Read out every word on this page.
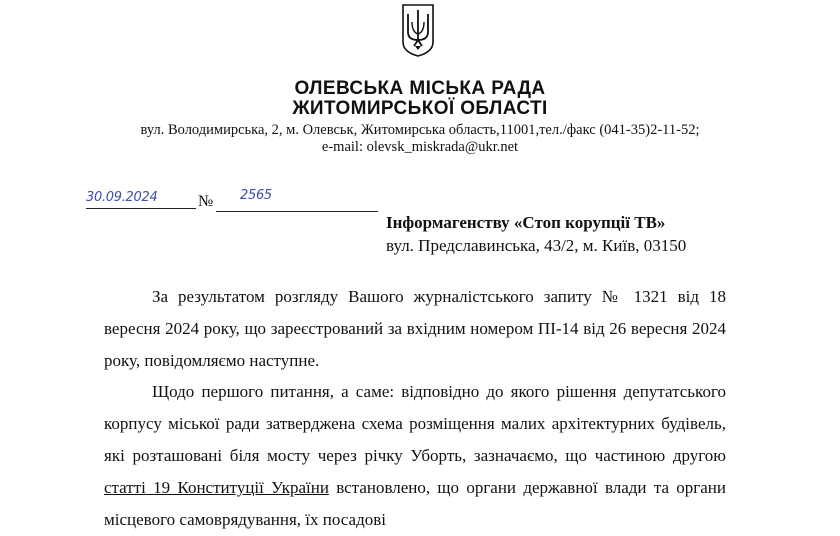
ОЛЕВСЬКА МІСЬКА РАДА
ЖИТОМИРСЬКОЇ ОБЛАСТІ
вул. Володимирська, 2, м. Олевськ, Житомирська область,11001,тел./факс (041-35)2-11-52;
e-mail: olevsk_miskrada@ukr.net
30.09.2024	№ 2565
Інформагенству «Стоп корупції ТВ»
вул. Предславинська, 43/2, м. Київ, 03150
За результатом розгляду Вашого журналістського запиту № 1321 від 18 вересня 2024 року, що зареєстрований за вхідним номером ПІ-14 від 26 вересня 2024 року, повідомляємо наступне.
Щодо першого питання, а саме: відповідно до якого рішення депутатського корпусу міської ради затверджена схема розміщення малих архітектурних будівель, які розташовані біля мосту через річку Уборть, зазначаємо, що частиною другою статті 19 Конституції України встановлено, що органи державної влади та органи місцевого самоврядування, їх посадові
